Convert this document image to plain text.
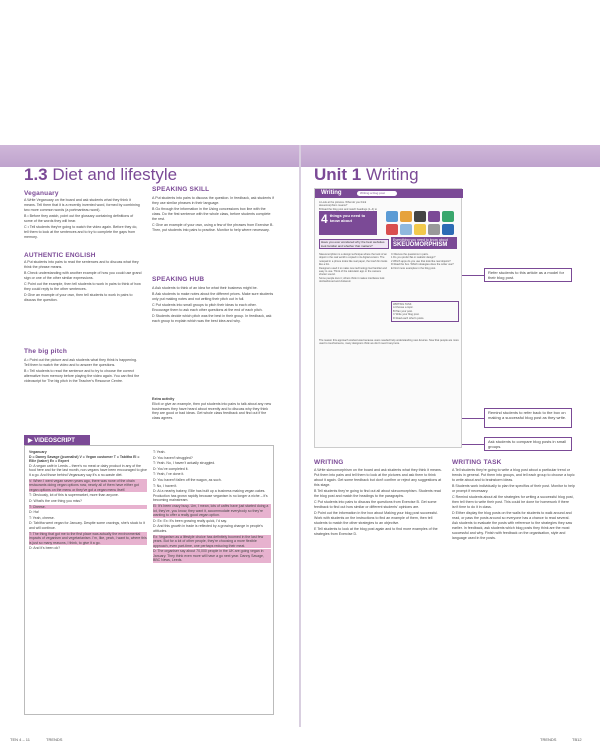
1.3 Diet and lifestyle
Veganuary

A Write Veganuary on the board and ask students what they think it means. Tell them that it is a recently invented word, formed by combining two more common words (a portmanteau word).

B • Before they watch, point out the glossary containing definitions of some of the words they will hear.

C • Tell students they're going to watch the video again. Before they do, tell them to look at the sentences and to try to complete the gaps from memory.

AUTHENTIC ENGLISH

A Put students into pairs to read the sentences and to discuss what they think the phrase means.

B Check understanding with another example of how you could use grand sign or one of the other similar expressions.

C Point out the example, then tell students to work in pairs to think of how they could reply to the other sentences.

D Give an example of your own, then tell students to work in pairs to discuss the question.

The big pitch

A • Point out the picture and ask students what they think is happening. Tell them to watch the video and to answer the questions.

B • Tell students to read the sentence and to try to choose the correct alternative from memory before playing the video again. You can find the videoscript for The big pitch in the Teacher's Resource Centre.

SPEAKING SKILL

A Put students into pairs to discuss the question. In feedback, ask students if they use similar phrases in their language.

B Go through the information in the Using concessions box line with the class. Do the first sentence with the whole class, before students complete the rest.

C Give an example of your own, using a few of the phrases from Exercise B. Then, put students into pairs to practise. Monitor to help where necessary.

SPEAKING HUB

A Ask students to think of an idea for what their business might be.

B Ask students to make notes about the different prices. Make sure students only put making notes and not writing their pitch out in full.

C Put students into small groups to pitch their ideas to each other. Encourage them to ask each other questions at the end of each pitch.

D Students decide which pitch was the best in their group. In feedback, ask each group to explain which was the best idea and why.

Extra activity
Elicit or give an example, then put students into pairs to talk about any new businesses they have heard about recently and to discuss why they think they are good or bad ideas. Get whole class feedback and find out if the class agrees.
▶ VIDEOSCRIPT
Veganuary
D = Danny Savage (journalist) V = Vegan customer T = Tabitha El = Ellie (baker) Ex = Expert

D: A vegan café in Leeds – there's no meat or dairy product in any of the food here and for the last month, non-vegans have been encouraged to give it a go. And those behind Veganuary say it's a no-waste diet.

V: When I went vegan seven years ago, there was none of the chain restaurants doing vegan options now, nearly all of them have either got vegan options on the menu or they've got a vegan menu itself.

T: Obviously, lot of this is supermarket, more than anyone.

D: What's the one thing you miss?

T: Cheese.

D: Ha!

T: Yeah, cheese.

D: Tabitha went vegan for January. Despite some cravings, she's stuck to it and will continue.

T: The thing that got me to the first place was actually the environmental impacts of veganism and vegetarianism. I'm, like, yeah, I want to, where this is just so many reasons, I think, to give it a go.

D: And it's been ok?

T: Yeah.

D: You haven't struggled?

T: Yeah. No, I haven't actually struggled.

D: You've completed it.

T: Yeah, I've done it.

D: You haven't fallen off the wagon, as such.

T: No, I haven't.

D: At a nearby bakery, Ellie has built up a business making vegan cakes. Production has grown rapidly because veganism is no longer a niche – it's becoming mainstream.

El: It's been crazy busy. Um, I mean, lots of cafés have just started doing a lot, they've, you know, they want it, accommodate everybody so they're wanting to offer a really good vegan option.

D: Ex: Ex: It's been growing really quick, I'd say.

D: And this growth in trade is reflected by a growing change in people's attitudes.

Ex: Veganism as a lifestyle choice has definitely boomed in the last few years. But for a lot of other people, they're choosing a more flexible approach, even part-time, one perhaps reducing their meat.

D: The organiser say about 70,000 people in the UK are going vegan in January. They think even more will have a go next year. Danny Savage, BBC News, Leeds.

Unit 1 Writing
Writing	Writing a blog post
A Look at the pictures. What do you think skeuomorphism means?
B Read the blog post and match headings (1–4) to
4 things you need to know about
Everything you need to know about
SKEUOMORPHISM
Have you ever wondered why the best websites look familiar and whether that matters?
Skeuomorphism is a design technique where the look of an object in the real world is copied in its digital version. The notepad in a phone looks like real paper, the trash bin looks like a bin.
Designers used it to make new technology feel familiar and easy to use. Think of the calculator app or the camera shutter sound.
Some people love it; others think it makes interfaces look old-fashioned and cluttered.
C Discuss the questions in pairs.
1 Do you prefer flat or realistic design?
2 Which apps do you use that look like real objects?
D Read the box. Which strategies does the writer use?
E Find more examples in the blog post.
WRITING TASK
A Choose a topic.
B Plan your post.
C Write your blog post.
D Read each other's posts.
The reason this approach worked was because users needed help understanding new devices. Now that people are more used to touchscreens, many designers think we don't need it anymore.
Refer students to this article as a model for their blog post.
Remind students to refer back to the box on making a successful blog post as they write.
Ask students to compare blog posts in small groups.
WRITING

A Write skeuomorphism on the board and ask students what they think it means. Put them into pairs and tell them to look at the pictures and ask them to think about it again. Get some feedback but don't confirm or reject any suggestions at this stage.

B Tell students they're going to find out all about skeuomorphism. Students read the blog post and match the headings to the paragraphs.

C Put students into pairs to discuss the questions from Exercise B. Get some feedback to find out how similar or different students' opinions are.

D Point out the information in the box about Making your blog post successful. Work with students on the instructions to find an example of them, then tell students to match the other strategies to an objective.

E Tell students to look at the blog post again and to find more examples of the strategies from Exercise D.

WRITING TASK

A Tell students they're going to write a blog post about a particular trend or trends in general. Put them into groups, and tell each group to choose a topic to write about and to brainstorm ideas.

B Students work individually to plan the specifics of their post. Monitor to help or prompt if necessary.

C Remind students about all the strategies for writing a successful blog post, then tell them to write their post. This could be done for homework if there isn't time to do it in class.

D Either display the blog posts on the walls for students to walk around and read, or pass the posts around so everyone has a chance to read several. Ask students to evaluate the posts with reference to the strategies they saw earlier. In feedback, ask students which blog posts they think are the most successful and why. Finish with feedback on the organisation, style and language used in the posts.

TEN 4 – 11	TRENDS	TRENDS	TB12
